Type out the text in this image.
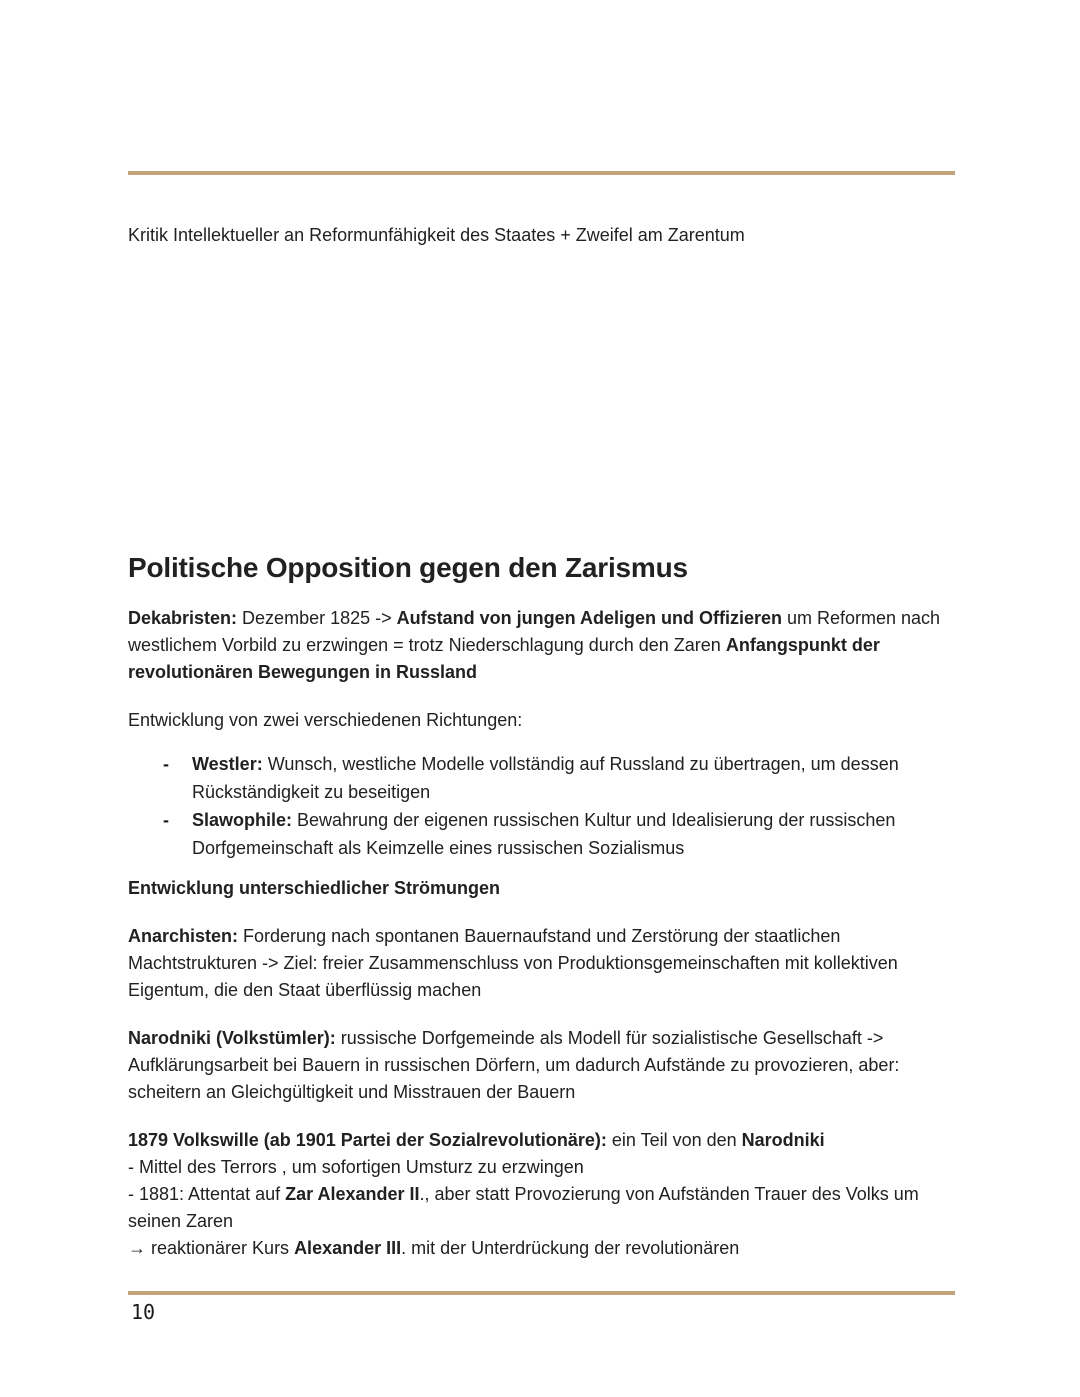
Kritik Intellektueller an Reformunfähigkeit des Staates + Zweifel am Zarentum

Politische Opposition gegen den Zarismus

Dekabristen: Dezember 1825 -> Aufstand von jungen Adeligen und Offizieren um Reformen nach westlichem Vorbild zu erzwingen = trotz Niederschlagung durch den Zaren Anfangspunkt der revolutionären Bewegungen in Russland

Entwicklung von zwei verschiedenen Richtungen:

- Westler: Wunsch, westliche Modelle vollständig auf Russland zu übertragen, um dessen Rückständigkeit zu beseitigen
- Slawophile: Bewahrung der eigenen russischen Kultur und Idealisierung der russischen Dorfgemeinschaft als Keimzelle eines russischen Sozialismus

Entwicklung unterschiedlicher Strömungen

Anarchisten: Forderung nach spontanen Bauernaufstand und Zerstörung der staatlichen Machtstrukturen -> Ziel: freier Zusammenschluss von Produktionsgemeinschaften mit kollektiven Eigentum, die den Staat überflüssig machen

Narodniki (Volkstümler): russische Dorfgemeinde als Modell für sozialistische Gesellschaft -> Aufklärungsarbeit bei Bauern in russischen Dörfern, um dadurch Aufstände zu provozieren, aber: scheitern an Gleichgültigkeit und Misstrauen der Bauern

1879 Volkswille (ab 1901 Partei der Sozialrevolutionäre): ein Teil von den Narodniki
- Mittel des Terrors , um sofortigen Umsturz zu erzwingen
- 1881: Attentat auf Zar Alexander II., aber statt Provozierung von Aufständen Trauer des Volks um seinen Zaren
→ reaktionärer Kurs Alexander III. mit der Unterdrückung der revolutionären

10
